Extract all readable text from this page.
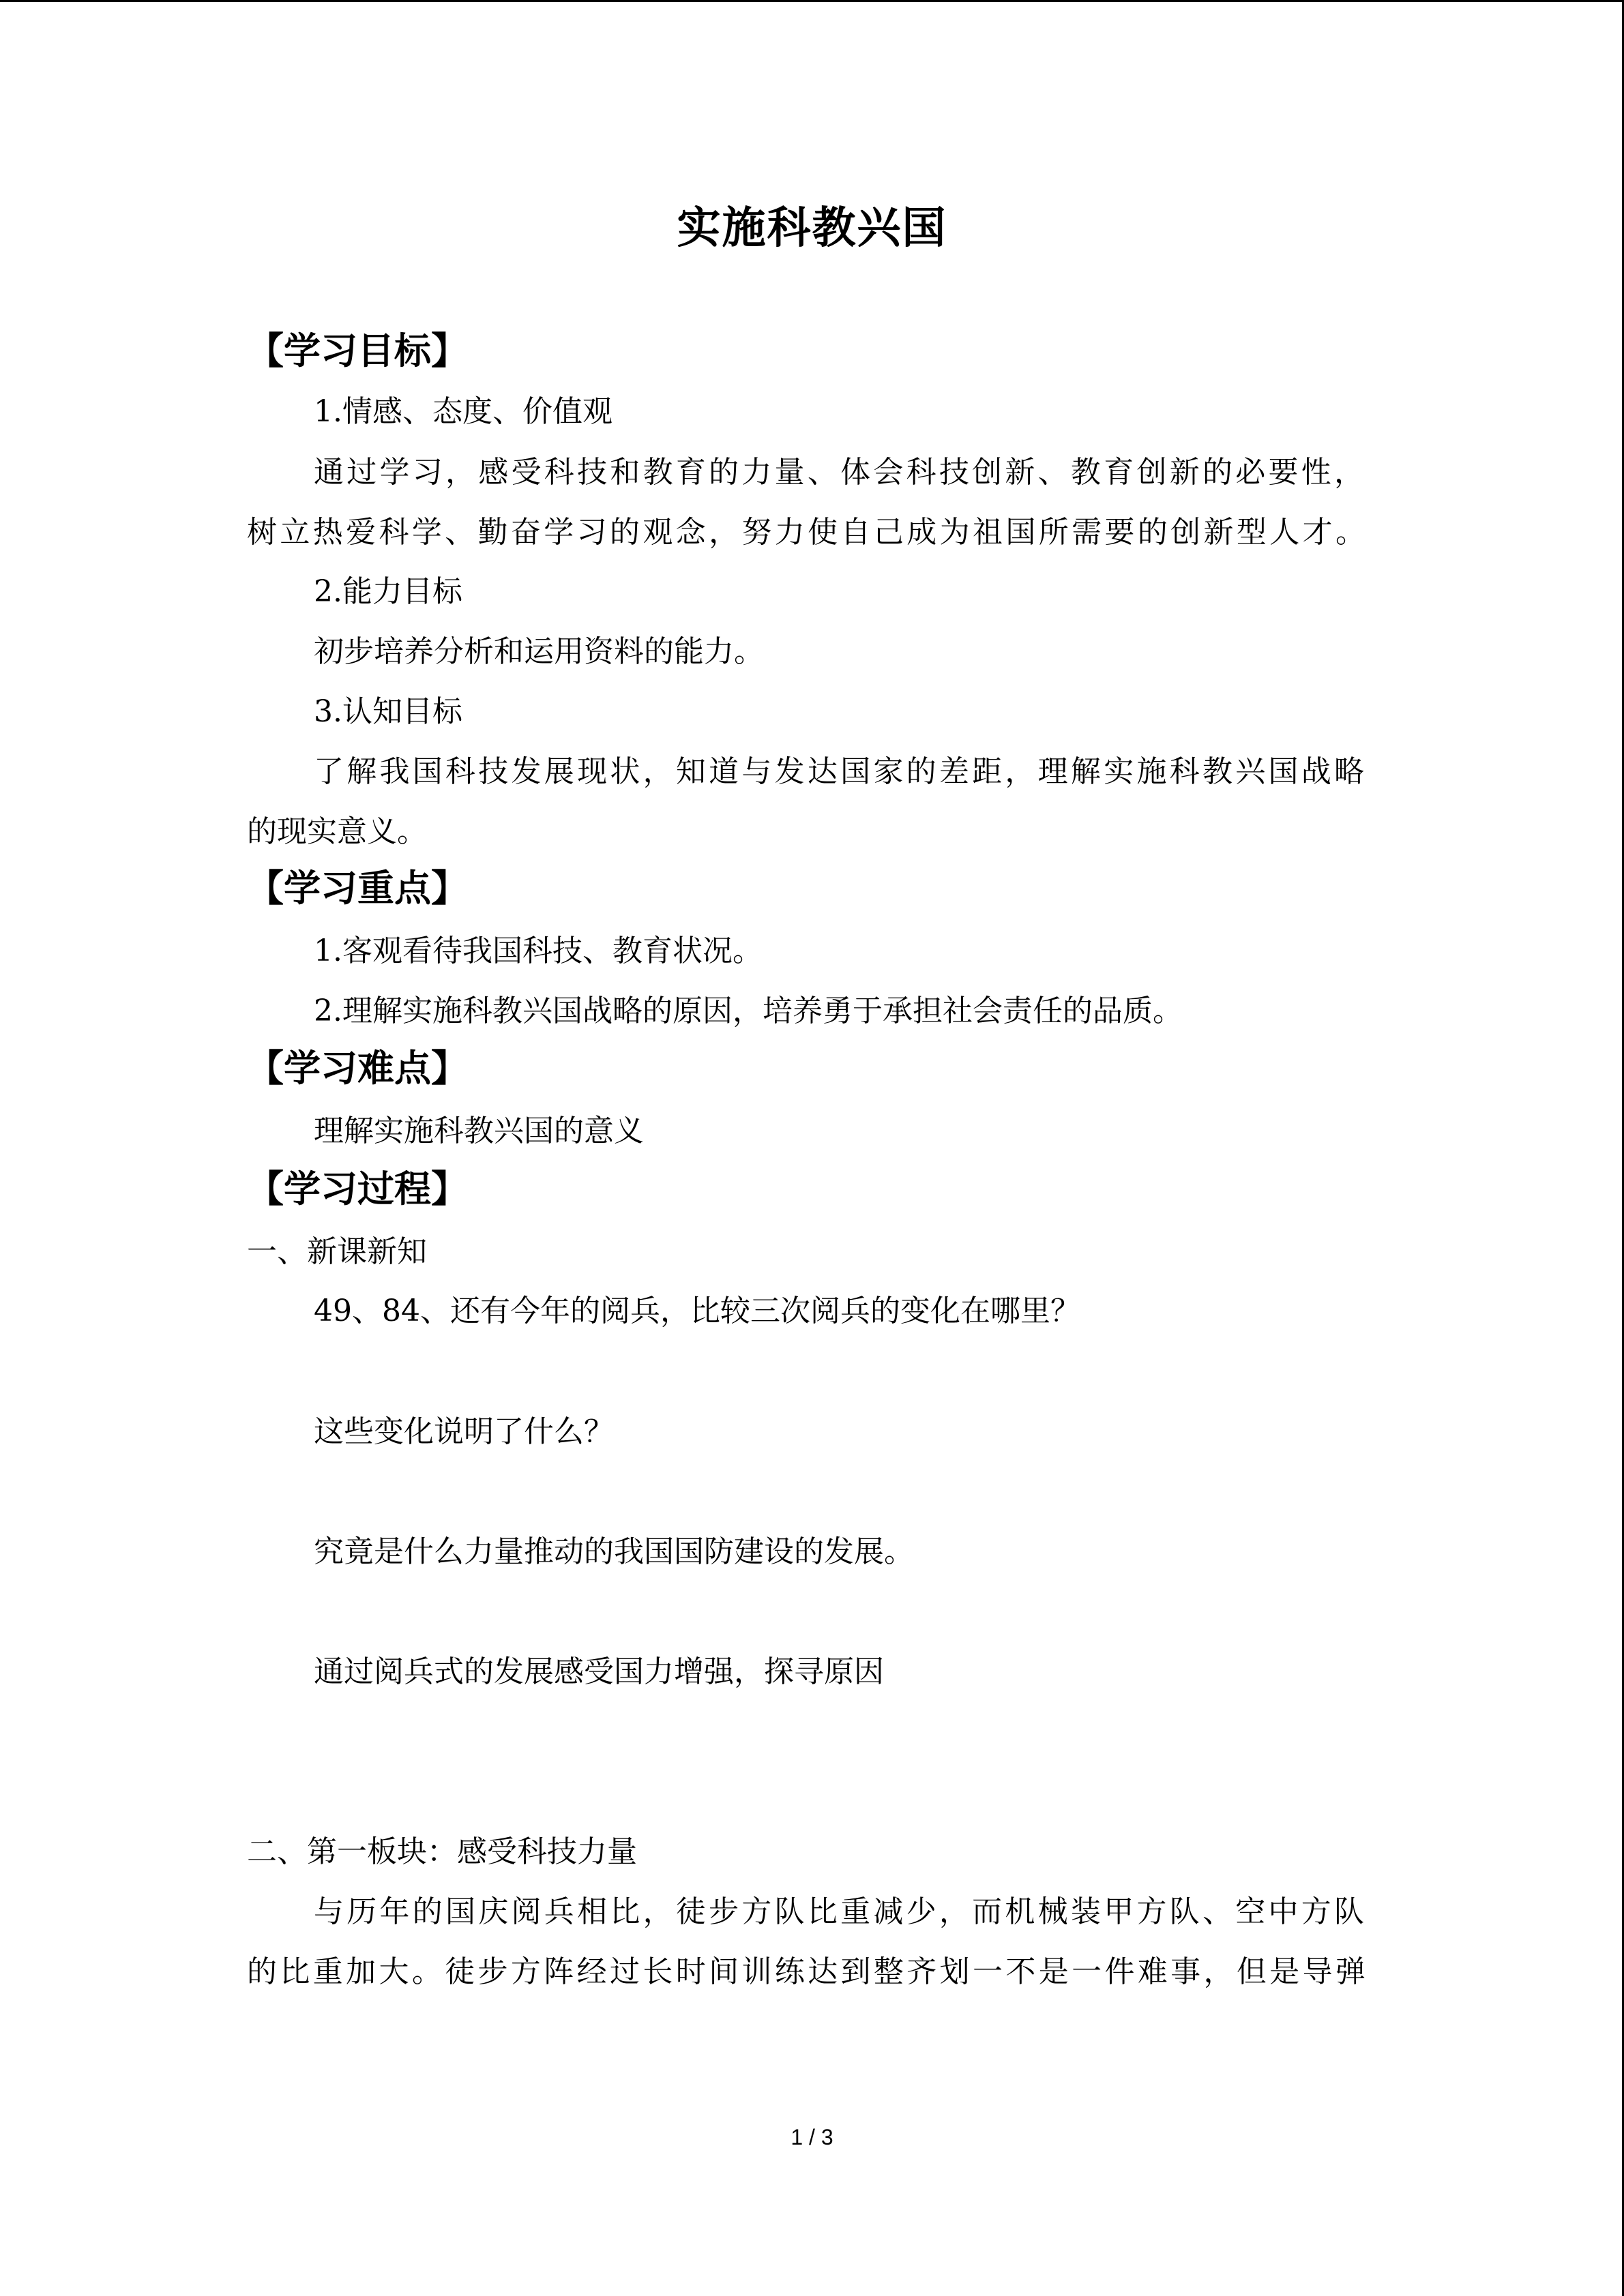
实施科教兴国
【学习目标】
1.情感、态度、价值观
通过学习，感受科技和教育的力量、体会科技创新、教育创新的必要性，
树立热爱科学、勤奋学习的观念，努力使自己成为祖国所需要的创新型人才。
2.能力目标
初步培养分析和运用资料的能力。
3.认知目标
了解我国科技发展现状，知道与发达国家的差距，理解实施科教兴国战略
的现实意义。
【学习重点】
1.客观看待我国科技、教育状况。
2.理解实施科教兴国战略的原因，培养勇于承担社会责任的品质。
【学习难点】
理解实施科教兴国的意义
【学习过程】
一、新课新知
49、84、还有今年的阅兵，比较三次阅兵的变化在哪里？
这些变化说明了什么？
究竟是什么力量推动的我国国防建设的发展。
通过阅兵式的发展感受国力增强，探寻原因
二、第一板块：感受科技力量
与历年的国庆阅兵相比，徒步方队比重减少，而机械装甲方队、空中方队
的比重加大。徒步方阵经过长时间训练达到整齐划一不是一件难事，但是导弹
1 / 3
